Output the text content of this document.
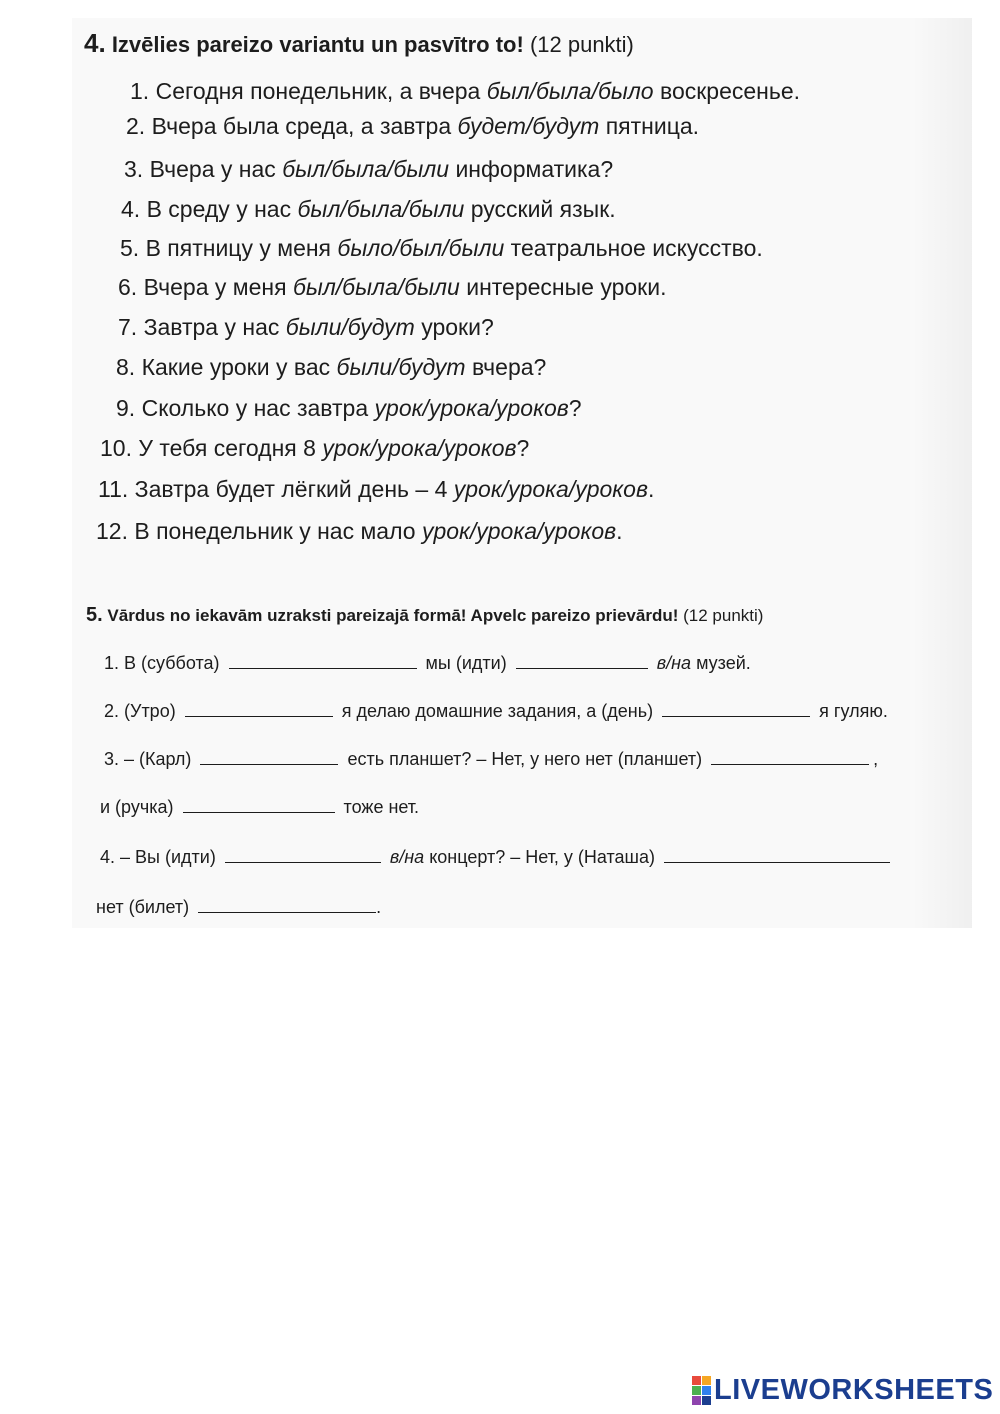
4. Izvēlies pareizo variantu un pasvītro to! (12 punkti)
1. Сегодня понедельник, а вчера был/была/было воскресенье.
2. Вчера была среда, а завтра будет/будут пятница.
3. Вчера у нас был/была/были информатика?
4. В среду у нас был/была/были русский язык.
5. В пятницу у меня было/был/были театральное искусство.
6. Вчера у меня был/была/были интересные уроки.
7. Завтра у нас были/будут уроки?
8. Какие уроки у вас были/будут вчера?
9. Сколько у нас завтра урок/урока/уроков?
10. У тебя сегодня 8 урок/урока/уроков?
11. Завтра будет лёгкий день – 4 урок/урока/уроков.
12. В понедельник у нас мало урок/урока/уроков.
5. Vārdus no iekavām uzraksti pareizajā formā! Apvelc pareizo prievārdu! (12 punkti)
1. В (суббота)	мы (идти)	в/на музей.
2. (Утро)	я делаю домашние задания, а (день)	я гуляю.
3. – (Карл)	есть планшет? – Нет, у него нет (планшет)	,
и (ручка)	тоже нет.
4. – Вы (идти)	в/на концерт? – Нет, у (Наташа)
нет (билет)	.
LIVEWORKSHEETS
